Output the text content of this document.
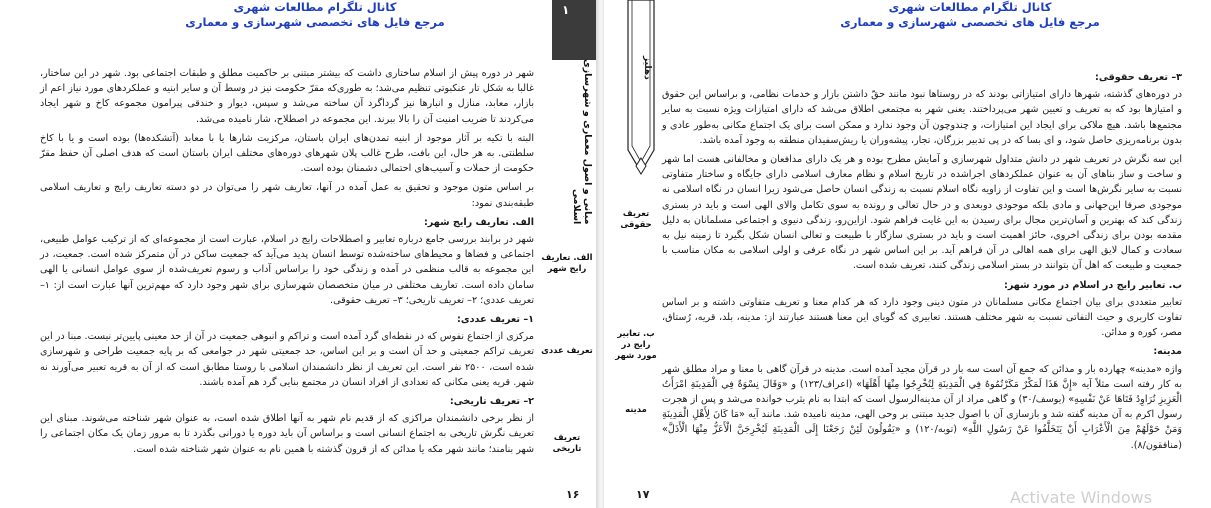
کانال تلگرام مطالعات شهری
مرجع فایل های تخصصی شهرسازی و معماری
۱
مبانی و اصول معماری و شهرسازی اسلامی

شهر در دوره پیش از اسلام ساختاری داشت که بیشتر مبتنی بر حاکمیت مطلق و طبقات اجتماعی بود. شهر در این ساختار، غالبا به شکل تار عنکبوتی تنظیم می‌شد؛ به طوری‌که مقرّ حکومت نیز در وسط آن و سایر ابنیه و عملکردهای مورد نیاز اعم از بازار، معابد، منازل و انبارها نیز گرداگرد آن ساخته می‌شد و سپس، دیوار و خندقی پیرامون مجموعه کاخ و شهر ایجاد می‌کردند تا ضریب امنیت آن را بالا ببرند. این مجموعه در اصطلاح، شار نامیده می‌شد.

البته با تکیه بر آثار موجود از ابنیه تمدن‌های ایران باستان، مرکزیت شارها یا با معابد (آتشکده‌ها) بوده است و یا با کاخ سلطنتی. به هر حال، این بافت، طرح غالب پلان شهرهای دوره‌های مختلف ایران باستان است که هدف اصلی آن حفظ مقرّ حکومت از حملات و آسیب‌های احتمالی دشمنان بوده است.

بر اساس متون موجود و تحقیق به عمل آمده در آنها، تعاریف شهر را می‌توان در دو دسته تعاریف رایج و تعاریف اسلامی طبقه‌بندی نمود:

الف. تعاریف رایج شهر:

شهر در برابند بررسی جامع درباره تعابیر و اصطلاحات رایج در اسلام، عبارت است از مجموعه‌ای که از ترکیب عوامل طبیعی، اجتماعی و فضاها و محیط‌های ساخته‌شده توسط انسان پدید می‌آید که جمعیت ساکن در آن متمرکز شده است. جمعیت، در این مجموعه به قالب منظمی در آمده و زندگی خود را براساس آداب و رسوم تعریف‌شده از سوی عوامل انسانی یا الهی سامان داده است. تعاریف مختلفی در میان متخصصان شهرسازی برای شهر وجود دارد که مهم‌ترین آنها عبارت است از: ۱– تعریف عددی؛ ۲– تعریف تاریخی؛ ۳– تعریف حقوقی.

۱– تعریف عددی:

مرکزی از اجتماع نفوس که در نقطه‌ای گرد آمده است و تراکم و انبوهی جمعیت در آن از حد معینی پایین‌تر نیست. مبنا در این تعریف تراکم جمعیتی و حد آن است و بر این اساس، حد جمعیتی شهر در جوامعی که بر پایه جمعیت طراحی و شهرسازی شده است، ۲۵۰۰ نفر است. این تعریف از نظر دانشمندان اسلامی با روستا مطابق است که از آن به قریه تعبیر می‌آورند نه شهر. قریه یعنی مکانی که تعدادی از افراد انسان در مجتمع بنایی گرد هم آمده باشند.

۲– تعریف تاریخی:

از نظر برخی دانشمندان مراکزی که از قدیم نام شهر به آنها اطلاق شده است، به عنوان شهر شناخته می‌شوند. مبنای این تعریف نگرش تاریخی به اجتماع انسانی است و براساس آن باید دوره یا دورانی بگذرد تا به مرور زمان یک مکان اجتماعی را شهر بنامند؛ مانند شهر مکه یا مدائن که از قرون گذشته با همین نام به عنوان شهر شناخته شده است.

الف. تعاریف رایج شهر
تعریف عددی
تعریف تاریخی
۱۶	۱۷
کانال تلگرام مطالعات شهری
مرجع فایل های تخصصی شهرسازی و معماری
دهلیز	۳– تعریف حقوقی:

در دوره‌های گذشته، شهرها دارای امتیازاتی بودند که در روستاها نبود مانند حقّ داشتن بازار و خدمات نظامی، و براساس این حقوق و امتیازها بود که به تعریف و تعیین شهر می‌پرداختند. یعنی شهر به مجتمعی اطلاق می‌شد که دارای امتیازات ویژه نسبت به سایر مجتمع‌ها باشد. هیچ ملاکی برای ایجاد این امتیازات، و چندوچون آن وجود ندارد و ممکن است برای یک اجتماع مکانی به‌طور عادی و بدون برنامه‌ریزی حاصل شود، و ای بسا که در پی تدبیر بزرگان، تجار، پیشه‌وران یا ریش‌سفیدان منطقه به وجود آمده باشد.

این سه نگرش در تعریف شهر در دانش متداول شهرسازی و آمایش مطرح بوده و هر یک دارای مدافعان و مخالفانی هست اما شهر و ساخت و ساز بناهای آن به عنوان عملکردهای اجراشده در تاریخ اسلام و نظام معارف اسلامی دارای جایگاه و ساختار متفاوتی نسبت به سایر نگرش‌ها است و این تفاوت از زاویه نگاه اسلام نسبت به زندگی انسان حاصل می‌شود زیرا انسان در نگاه اسلامی نه موجودی صرفا این‌جهانی و مادی بلکه موجودی دوبعدی و در حال تعالی و رونده به سوی تکامل والای الهی است و باید در بستری زندگی کند که بهترین و آسان‌ترین مجال برای رسیدن به این غایت فراهم شود. ازاین‌رو، زندگی دنیوی و اجتماعی مسلمانان به دلیل مقدمه بودن برای زندگی اخروی، حائز اهمیت است و باید در بستری سازگار با طبیعت و تعالی انسان شکل بگیرد تا زمینه نیل به سعادت و کمال لایق الهی برای همه اهالی در آن فراهم آید. بر این اساس شهر در نگاه عرفی و اولی اسلامی به مکان مناسب با جمعیت و طبیعت که اهل آن بتوانند در بستر اسلامی زندگی کنند، تعریف شده است.

ب. تعابیر رایج در اسلام در مورد شهر:

تعابیر متعددی برای بیان اجتماع مکانی مسلمانان در متون دینی وجود دارد که هر کدام معنا و تعریف متفاوتی داشته و بر اساس تفاوت کاربری و حیث التفاتی نسبت به شهر مختلف هستند. تعابیری که گویای این معنا هستند عبارتند از: مدینه، بلد، قریه، رُستاق، مصر، کوره و مدائن.

مدینه:

واژه «مدینه» چهارده بار و مدائن که جمع آن است سه بار در قرآن مجید آمده است. مدینه در قرآن گاهی با معنا و مراد مطلق شهر به کار رفته است مثلاً آیه «إِنَّ هَذَا لَمَكْرٌ مَكَرْتُمُوهُ فِي الْمَدِينَةِ لِتُخْرِجُوا مِنْهَا أَهْلَهَا» (اعراف/۱۲۳) و «وَقَالَ نِسْوَةٌ فِي الْمَدِينَةِ امْرَأَتُ الْعَزِيزِ تُرَاوِدُ فَتَاهَا عَنْ نَفْسِهِ» (یوسف/۳۰) و گاهی مراد از آن مدینه‌الرسول است که ابتدا به نام یثرب خوانده می‌شد و پس از هجرت رسول اکرم به آن مدینه گفته شد و بازسازی آن با اصول جدید مبتنی بر وحی الهی، مدینه نامیده شد. مانند آیه «مَا كَانَ لِأَهْلِ الْمَدِينَةِ وَمَنْ حَوْلَهُمْ مِنَ الْأَعْرَابِ أَنْ يَتَخَلَّفُوا عَنْ رَسُولِ اللَّهِ» (توبه/۱۲۰) و «يَقُولُونَ لَئِنْ رَجَعْنَا إِلَى الْمَدِينَةِ لَيُخْرِجَنَّ الْأَعَزُّ مِنْهَا الْأَذَلَّ» (منافقون/۸).

تعریف حقوقی
ب. تعابیر رایج در مورد شهر
مدینه
Activate Windows
